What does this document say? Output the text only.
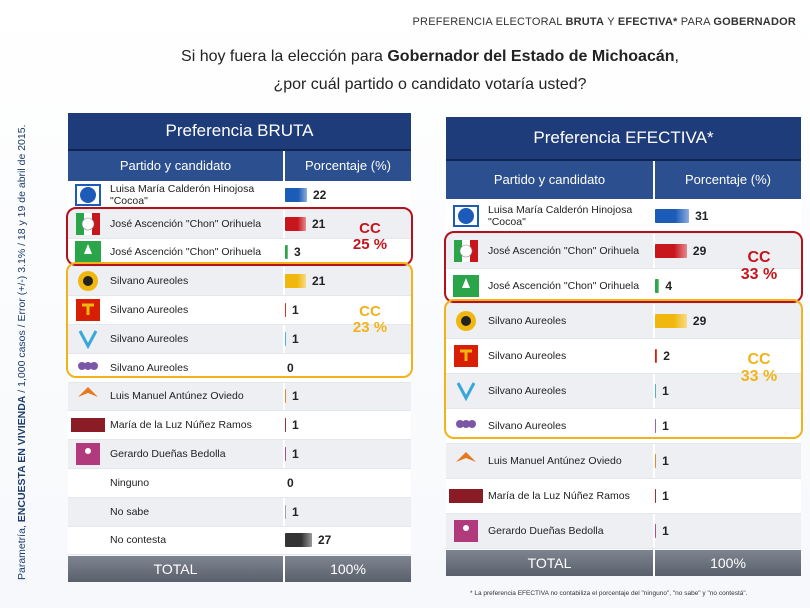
PREFERENCIA ELECTORAL BRUTA Y EFECTIVA* PARA GOBERNADOR
Si hoy fuera la elección para Gobernador del Estado de Michoacán,
¿por cuál partido o candidato votaría usted?
Parametría, ENCUESTA EN VIVIENDA / 1,000 casos / Error (+/-) 3.1% / 18 y 19 de abril de 2015.	Preferencia BRUTA
Partido y candidato	Porcentaje (%)
Luisa María Calderón Hinojosa "Cocoa"	22
José Ascención "Chon" Orihuela	21
José Ascención "Chon" Orihuela	3
Silvano Aureoles	21
Silvano Aureoles	1
Silvano Aureoles	1
Silvano Aureoles	0
Luis Manuel Antúnez Oviedo	1
María de la Luz Núñez Ramos	1
Gerardo Dueñas Bedolla	1
Ninguno	0
No sabe	1
No contesta	27
CC
25 %
CC
23 %
TOTAL	100%
Preferencia EFECTIVA*
Partido y candidato	Porcentaje (%)
Luisa María Calderón Hinojosa "Cocoa"	31
José Ascención "Chon" Orihuela	29
José Ascención "Chon" Orihuela	4
Silvano Aureoles	29
Silvano Aureoles	2
Silvano Aureoles	1
Silvano Aureoles	1
Luis Manuel Antúnez Oviedo	1
María de la Luz Núñez Ramos	1
Gerardo Dueñas Bedolla	1
CC
33 %
CC
33 %
TOTAL	100%
* La preferencia EFECTIVA no contabiliza el porcentaje del "ninguno", "no sabe" y "no contestá".
